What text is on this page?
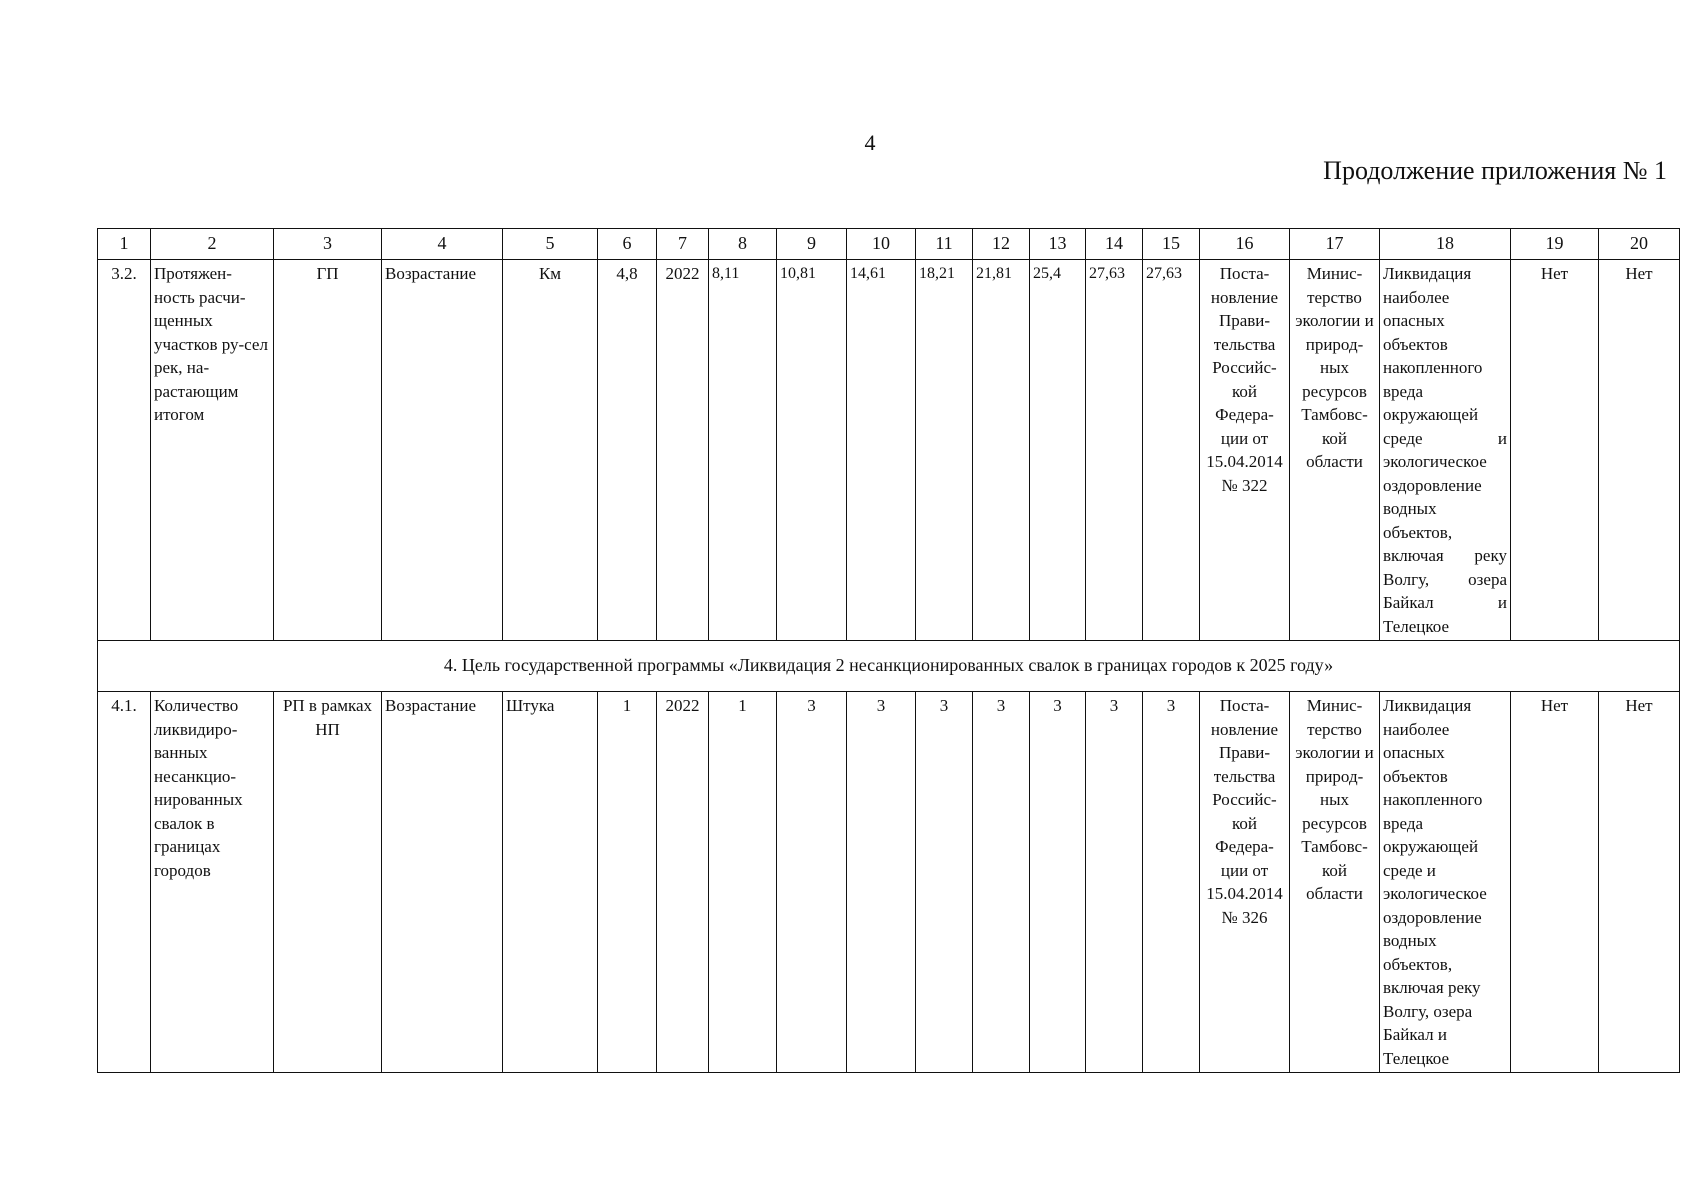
4
Продолжение приложения № 1
1	2	3	4	5	6	7	8	9	10	11	12	13	14	15	16	17	18	19	20
3.2.	Протяжен-ность расчи-щенных участков ру-сел рек, на-растающим итогом	ГП	Возрастание	Км	4,8	2022	8,11	10,81	14,61	18,21	21,81	25,4	27,63	27,63	Поста-новление Прави-тельства Российс-кой Федера-ции от 15.04.2014 № 322	Минис-терство экологии и природ-ных ресурсов Тамбовс-кой области	Ликвидация наиболее опасных объектов накопленного вреда окружающей среде и экологическое оздоровление водных объектов, включая реку Волгу, озера Байкал и Телецкое	Нет	Нет
4. Цель государственной программы «Ликвидация 2 несанкционированных свалок в границах городов к 2025 году»																			
4.1.	Количество ликвидиро-ванных несанкцио-нированных свалок в границах городов	РП в рамках НП	Возрастание	Штука	1	2022	1	3	3	3	3	3	3	3	Поста-новление Прави-тельства Российс-кой Федера-ции от 15.04.2014 № 326	Минис-терство экологии и природ-ных ресурсов Тамбовс-кой области	Ликвидация наиболее опасных объектов накопленного вреда окружающей среде и экологическое оздоровление водных объектов, включая реку Волгу, озера Байкал и Телецкое	Нет	Нет
